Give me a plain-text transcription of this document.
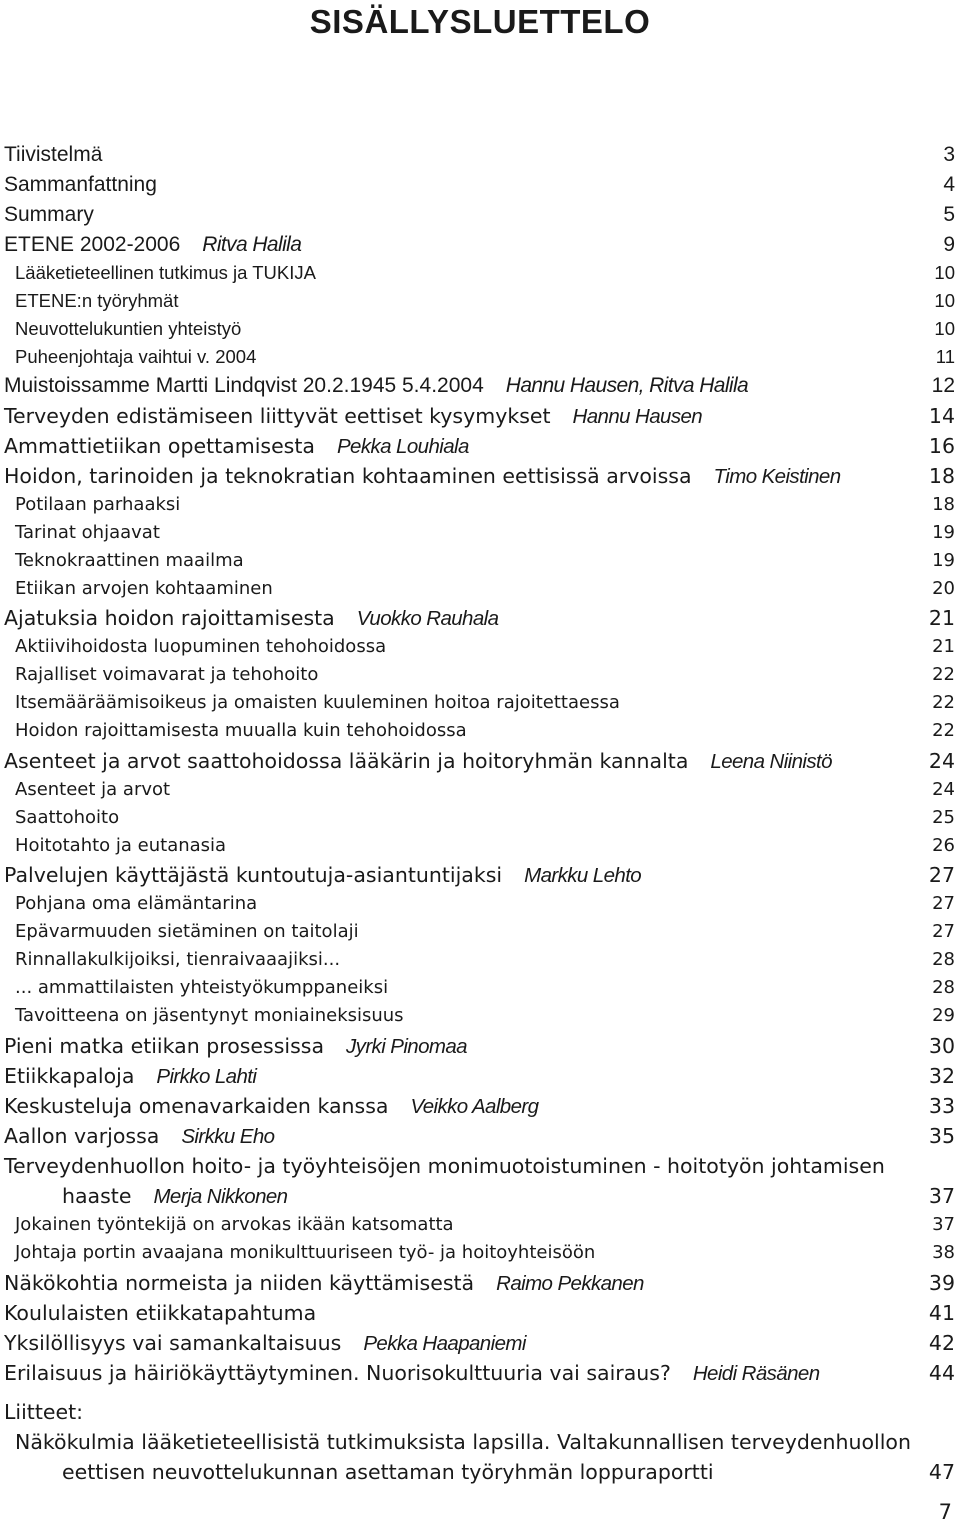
SISÄLLYSLUETTELO
Tiivistelmä	3
Sammanfattning	4
Summary	5
ETENE 2002-2006 Ritva Halila	9
Lääketieteellinen tutkimus ja TUKIJA	10
ETENE:n työryhmät	10
Neuvottelukuntien yhteistyö	10
Puheenjohtaja vaihtui v. 2004	11
Muistoissamme Martti Lindqvist 20.2.1945 5.4.2004 Hannu Hausen, Ritva Halila	12
Terveyden edistämiseen liittyvät eettiset kysymykset Hannu Hausen	14
Ammattietiikan opettamisesta Pekka Louhiala	16
Hoidon, tarinoiden ja teknokratian kohtaaminen eettisissä arvoissa Timo Keistinen	18
Potilaan parhaaksi	18
Tarinat ohjaavat	19
Teknokraattinen maailma	19
Etiikan arvojen kohtaaminen	20
Ajatuksia hoidon rajoittamisesta Vuokko Rauhala	21
Aktiivihoidosta luopuminen tehohoidossa	21
Rajalliset voimavarat ja tehohoito	22
Itsemääräämisoikeus ja omaisten kuuleminen hoitoa rajoitettaessa	22
Hoidon rajoittamisesta muualla kuin tehohoidossa	22
Asenteet ja arvot saattohoidossa lääkärin ja hoitoryhmän kannalta Leena Niinistö	24
Asenteet ja arvot	24
Saattohoito	25
Hoitotahto ja eutanasia	26
Palvelujen käyttäjästä kuntoutuja-asiantuntijaksi Markku Lehto	27
Pohjana oma elämäntarina	27
Epävarmuuden sietäminen on taitolaji	27
Rinnallakulkijoiksi, tienraivaaajiksi...	28
... ammattilaisten yhteistyökumppaneiksi	28
Tavoitteena on jäsentynyt moniaineksisuus	29
Pieni matka etiikan prosessissa Jyrki Pinomaa	30
Etiikkapaloja Pirkko Lahti	32
Keskusteluja omenavarkaiden kanssa Veikko Aalberg	33
Aallon varjossa Sirkku Eho	35
Terveydenhuollon hoito- ja työyhteisöjen monimuotoistuminen - hoitotyön johtamisen
haaste Merja Nikkonen	37
Jokainen työntekijä on arvokas ikään katsomatta	37
Johtaja portin avaajana monikulttuuriseen työ- ja hoitoyhteisöön	38
Näkökohtia normeista ja niiden käyttämisestä Raimo Pekkanen	39
Koululaisten etiikkatapahtuma	41
Yksilöllisyys vai samankaltaisuus Pekka Haapaniemi	42
Erilaisuus ja häiriökäyttäytyminen. Nuorisokulttuuria vai sairaus? Heidi Räsänen	44
Liitteet:
Näkökulmia lääketieteellisistä tutkimuksista lapsilla. Valtakunnallisen terveydenhuollon
eettisen neuvottelukunnan asettaman työryhmän loppuraportti	47
7
